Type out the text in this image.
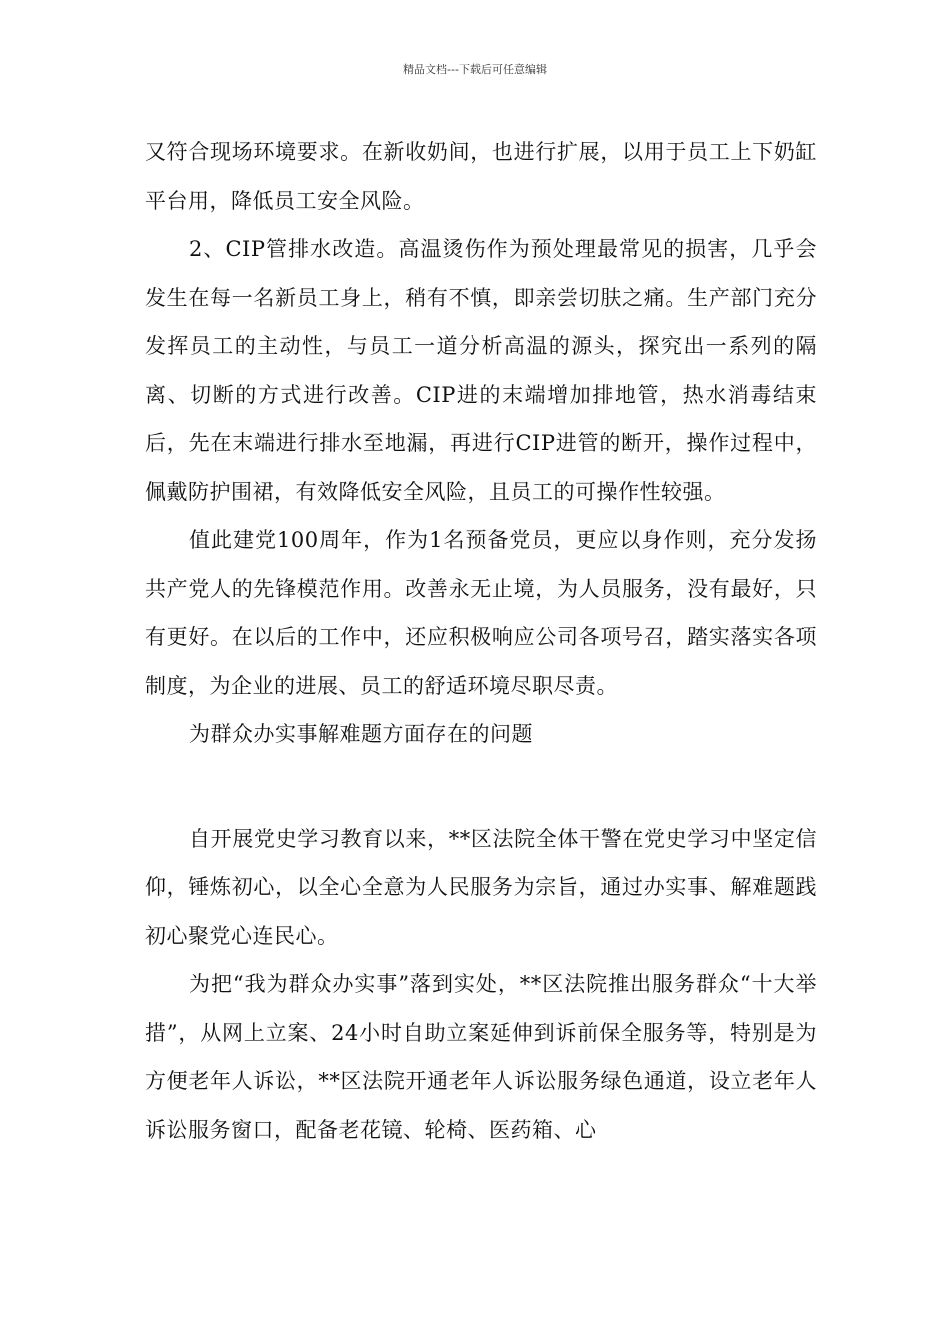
精品文档---下载后可任意编辑

又符合现场环境要求。在新收奶间，也进行扩展，以用于员工上下奶缸平台用，降低员工安全风险。

2、CIP管排水改造。高温烫伤作为预处理最常见的损害，几乎会发生在每一名新员工身上，稍有不慎，即亲尝切肤之痛。生产部门充分发挥员工的主动性，与员工一道分析高温的源头，探究出一系列的隔离、切断的方式进行改善。CIP进的末端增加排地管，热水消毒结束后，先在末端进行排水至地漏，再进行CIP进管的断开，操作过程中，佩戴防护围裙，有效降低安全风险，且员工的可操作性较强。

值此建党100周年，作为1名预备党员，更应以身作则，充分发扬共产党人的先锋模范作用。改善永无止境，为人员服务，没有最好，只有更好。在以后的工作中，还应积极响应公司各项号召，踏实落实各项制度，为企业的进展、员工的舒适环境尽职尽责。

为群众办实事解难题方面存在的问题

自开展党史学习教育以来，**区法院全体干警在党史学习中坚定信仰，锤炼初心，以全心全意为人民服务为宗旨，通过办实事、解难题践初心聚党心连民心。

为把“我为群众办实事”落到实处，**区法院推出服务群众“十大举措”，从网上立案、24小时自助立案延伸到诉前保全服务等，特别是为方便老年人诉讼，**区法院开通老年人诉讼服务绿色通道，设立老年人诉讼服务窗口，配备老花镜、轮椅、医药箱、心
